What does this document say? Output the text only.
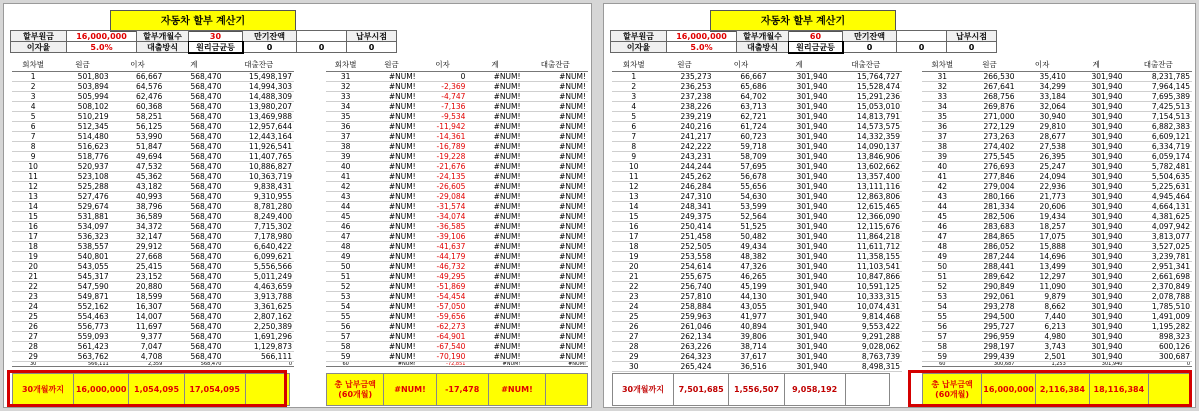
자동차 할부 계산기
할부원금	16,000,000	할부개월수	30	만기잔액		납부시점
이자율	5.0%	대출방식	원리금균등	0	0	0
회차별	원금	이자	계	대출잔금
1	501,803	66,667	568,470	15,498,197
2	503,894	64,576	568,470	14,994,303
3	505,994	62,476	568,470	14,488,309
4	508,102	60,368	568,470	13,980,207
5	510,219	58,251	568,470	13,469,988
6	512,345	56,125	568,470	12,957,644
7	514,480	53,990	568,470	12,443,164
8	516,623	51,847	568,470	11,926,541
9	518,776	49,694	568,470	11,407,765
10	520,937	47,532	568,470	10,886,827
11	523,108	45,362	568,470	10,363,719
12	525,288	43,182	568,470	9,838,431
13	527,476	40,993	568,470	9,310,955
14	529,674	38,796	568,470	8,781,280
15	531,881	36,589	568,470	8,249,400
16	534,097	34,372	568,470	7,715,302
17	536,323	32,147	568,470	7,178,980
18	538,557	29,912	568,470	6,640,422
19	540,801	27,668	568,470	6,099,621
20	543,055	25,415	568,470	5,556,566
21	545,317	23,152	568,470	5,011,249
22	547,590	20,880	568,470	4,463,659
23	549,871	18,599	568,470	3,913,788
24	552,162	16,307	568,470	3,361,625
25	554,463	14,007	568,470	2,807,162
26	556,773	11,697	568,470	2,250,389
27	559,093	9,377	568,470	1,691,296
28	561,423	7,047	568,470	1,129,873
29	563,762	4,708	568,470	566,111
30	566,111	2,359	568,470	0
회차별	원금	이자	계	대출잔금
31	#NUM!	0	#NUM!	#NUM!
32	#NUM!	-2,369	#NUM!	#NUM!
33	#NUM!	-4,747	#NUM!	#NUM!
34	#NUM!	-7,136	#NUM!	#NUM!
35	#NUM!	-9,534	#NUM!	#NUM!
36	#NUM!	-11,942	#NUM!	#NUM!
37	#NUM!	-14,361	#NUM!	#NUM!
38	#NUM!	-16,789	#NUM!	#NUM!
39	#NUM!	-19,228	#NUM!	#NUM!
40	#NUM!	-21,676	#NUM!	#NUM!
41	#NUM!	-24,135	#NUM!	#NUM!
42	#NUM!	-26,605	#NUM!	#NUM!
43	#NUM!	-29,084	#NUM!	#NUM!
44	#NUM!	-31,574	#NUM!	#NUM!
45	#NUM!	-34,074	#NUM!	#NUM!
46	#NUM!	-36,585	#NUM!	#NUM!
47	#NUM!	-39,106	#NUM!	#NUM!
48	#NUM!	-41,637	#NUM!	#NUM!
49	#NUM!	-44,179	#NUM!	#NUM!
50	#NUM!	-46,732	#NUM!	#NUM!
51	#NUM!	-49,295	#NUM!	#NUM!
52	#NUM!	-51,869	#NUM!	#NUM!
53	#NUM!	-54,454	#NUM!	#NUM!
54	#NUM!	-57,050	#NUM!	#NUM!
55	#NUM!	-59,656	#NUM!	#NUM!
56	#NUM!	-62,273	#NUM!	#NUM!
57	#NUM!	-64,901	#NUM!	#NUM!
58	#NUM!	-67,540	#NUM!	#NUM!
59	#NUM!	-70,190	#NUM!	#NUM!
60	#NUM!	-72,851	#NUM!	#NUM!
30개월까지	16,000,000	1,054,095	17,054,095	
총 납부금액
(60개월)	#NUM!	-17,478	#NUM!	
자동차 할부 계산기
할부원금	16,000,000	할부개월수	60	만기잔액		납부시점
이자율	5.0%	대출방식	원리금균등	0	0	0
회차별	원금	이자	계	대출잔금
1	235,273	66,667	301,940	15,764,727
2	236,253	65,686	301,940	15,528,474
3	237,238	64,702	301,940	15,291,236
4	238,226	63,713	301,940	15,053,010
5	239,219	62,721	301,940	14,813,791
6	240,216	61,724	301,940	14,573,575
7	241,217	60,723	301,940	14,332,359
8	242,222	59,718	301,940	14,090,137
9	243,231	58,709	301,940	13,846,906
10	244,244	57,695	301,940	13,602,662
11	245,262	56,678	301,940	13,357,400
12	246,284	55,656	301,940	13,111,116
13	247,310	54,630	301,940	12,863,806
14	248,341	53,599	301,940	12,615,465
15	249,375	52,564	301,940	12,366,090
16	250,414	51,525	301,940	12,115,676
17	251,458	50,482	301,940	11,864,218
18	252,505	49,434	301,940	11,611,712
19	253,558	48,382	301,940	11,358,155
20	254,614	47,326	301,940	11,103,541
21	255,675	46,265	301,940	10,847,866
22	256,740	45,199	301,940	10,591,125
23	257,810	44,130	301,940	10,333,315
24	258,884	43,055	301,940	10,074,431
25	259,963	41,977	301,940	9,814,468
26	261,046	40,894	301,940	9,553,422
27	262,134	39,806	301,940	9,291,288
28	263,226	38,714	301,940	9,028,062
29	264,323	37,617	301,940	8,763,739
30	265,424	36,516	301,940	8,498,315
회차별	원금	이자	계	대출잔금
31	266,530	35,410	301,940	8,231,785
32	267,641	34,299	301,940	7,964,145
33	268,756	33,184	301,940	7,695,389
34	269,876	32,064	301,940	7,425,513
35	271,000	30,940	301,940	7,154,513
36	272,129	29,810	301,940	6,882,383
37	273,263	28,677	301,940	6,609,121
38	274,402	27,538	301,940	6,334,719
39	275,545	26,395	301,940	6,059,174
40	276,693	25,247	301,940	5,782,481
41	277,846	24,094	301,940	5,504,635
42	279,004	22,936	301,940	5,225,631
43	280,166	21,773	301,940	4,945,464
44	281,334	20,606	301,940	4,664,131
45	282,506	19,434	301,940	4,381,625
46	283,683	18,257	301,940	4,097,942
47	284,865	17,075	301,940	3,813,077
48	286,052	15,888	301,940	3,527,025
49	287,244	14,696	301,940	3,239,781
50	288,441	13,499	301,940	2,951,341
51	289,642	12,297	301,940	2,661,698
52	290,849	11,090	301,940	2,370,849
53	292,061	9,879	301,940	2,078,788
54	293,278	8,662	301,940	1,785,510
55	294,500	7,440	301,940	1,491,009
56	295,727	6,213	301,940	1,195,282
57	296,959	4,980	301,940	898,323
58	298,197	3,743	301,940	600,126
59	299,439	2,501	301,940	300,687
60	300,687	1,253	301,940	0
30개월까지	7,501,685	1,556,507	9,058,192	
총 납부금액
(60개월)	16,000,000	2,116,384	18,116,384	
